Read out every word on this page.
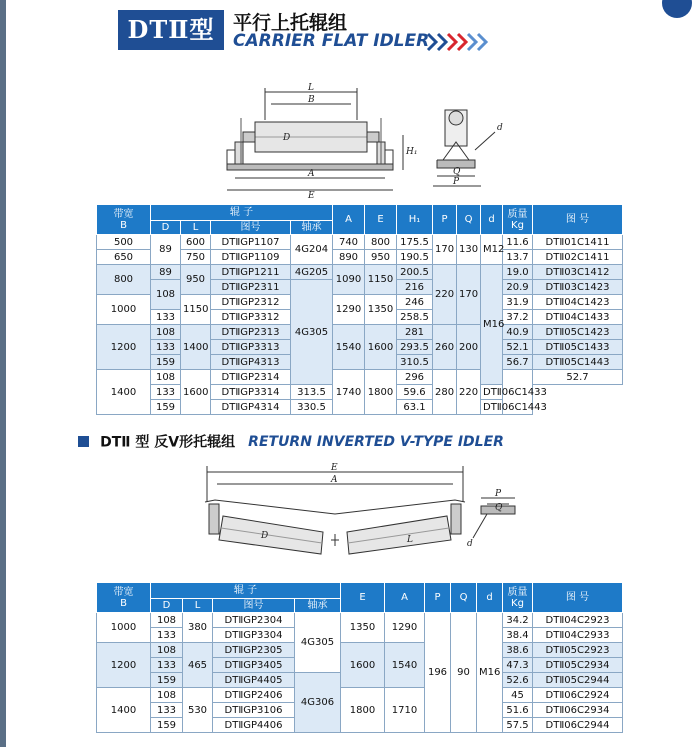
DTⅡ型 平行上托辊组
CARRIER FLAT IDLER
L
B
D
A
E
H₁
d
Q
P
带宽
B	辊 子				A	E	H₁	P	Q	d	质量
Kg	图 号	
	D	L	图号	轴承									
500	89	600	DTⅡGP1107	4G204	740	800	175.5	170	130	M12	11.6	DTⅡ01C1411	
650		750	DTⅡGP1109		890	950	190.5				13.7	DTⅡ02C1411	
800	89	950	DTⅡGP1211	4G205	1090	1150	200.5	220	170	M16	19.0	DTⅡ03C1412	
	108		DTⅡGP2311	4G305			216				20.9	DTⅡ03C1423	
1000		1150	DTⅡGP2312		1290	1350	246				31.9	DTⅡ04C1423	
	133		DTⅡGP3312				258.5				37.2	DTⅡ04C1433	
1200	108	1400	DTⅡGP2313		1540	1600	281	260	200		40.9	DTⅡ05C1423	
	133		DTⅡGP3313				293.5				52.1	DTⅡ05C1433	
	159		DTⅡGP4313				310.5				56.7	DTⅡ05C1443	
1400	108	1600	DTⅡGP2314		1740	1800	296	280	220			52.7	
	133		DTⅡGP3314	313.5			59.6			DTⅡ06C1433			
	159		DTⅡGP4314	330.5			63.1			DTⅡ06C1443			
DTⅡ 型 反V形托辊组 RETURN INVERTED V-TYPE IDLER
E
A
D	L
P
Q
d
带宽
B	辊 子				E	A	P	Q	d	质量
Kg	图 号
	D	L	图号	轴承							
1000	108	380	DTⅡGP2304	4G305	1350	1290	196	90	M16	34.2	DTⅡ04C2923
	133		DTⅡGP3304							38.4	DTⅡ04C2933
1200	108	465	DTⅡGP2305		1600	1540				38.6	DTⅡ05C2923
	133		DTⅡGP3405							47.3	DTⅡ05C2934
	159		DTⅡGP4405	4G306						52.6	DTⅡ05C2944
1400	108	530	DTⅡGP2406		1800	1710				45	DTⅡ06C2924
	133		DTⅡGP3106							51.6	DTⅡ06C2934
	159		DTⅡGP4406							57.5	DTⅡ06C2944
